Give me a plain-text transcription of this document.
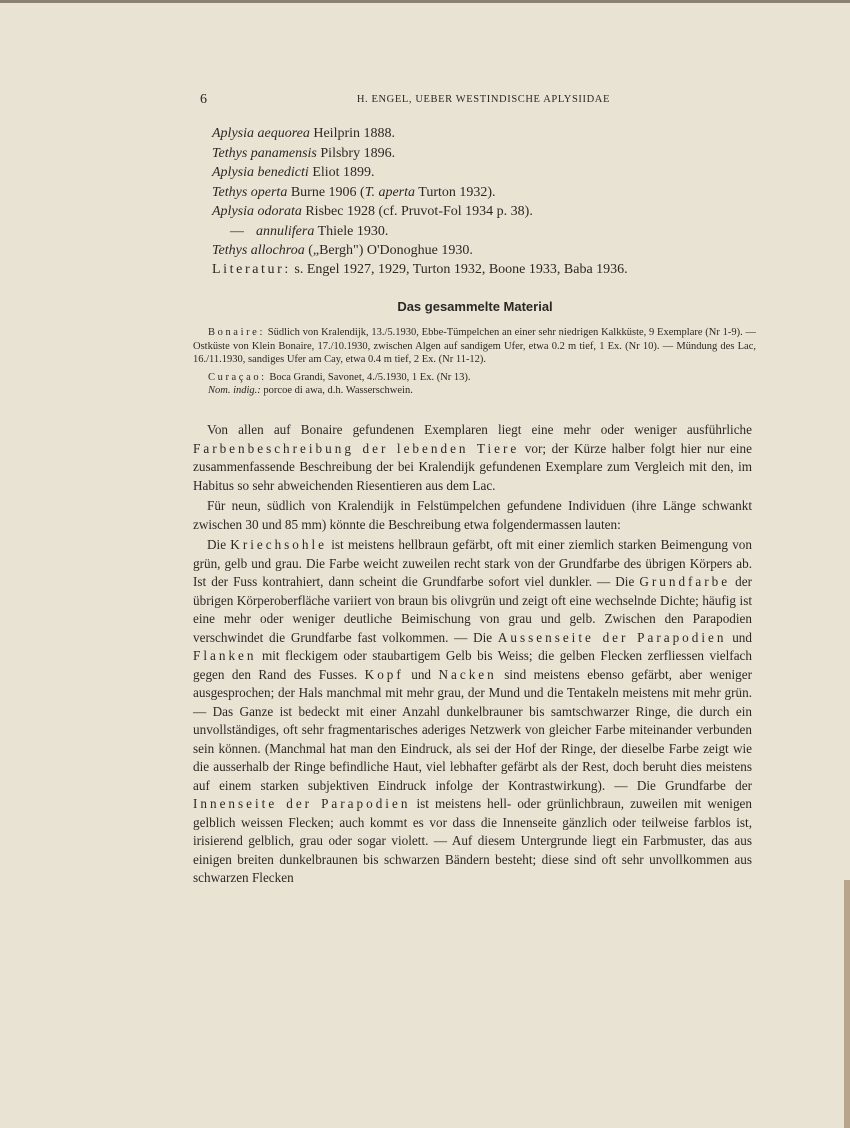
6	H. ENGEL, UEBER WESTINDISCHE APLYSIIDAE
Aplysia aequorea Heilprin 1888.
Tethys panamensis Pilsbry 1896.
Aplysia benedicti Eliot 1899.
Tethys operta Burne 1906 (T. aperta Turton 1932).
Aplysia odorata Risbec 1928 (cf. Pruvot-Fol 1934 p. 38).
— annulifera Thiele 1930.
Tethys allochroa („Bergh") O'Donoghue 1930.
Literatur: s. Engel 1927, 1929, Turton 1932, Boone 1933, Baba 1936.
Das gesammelte Material

Bonaire: Südlich von Kralendijk, 13./5.1930, Ebbe-Tümpelchen an einer sehr niedrigen Kalkküste, 9 Exemplare (Nr 1-9). — Ostküste von Klein Bonaire, 17./10.1930, zwischen Algen auf sandigem Ufer, etwa 0.2 m tief, 1 Ex. (Nr 10). — Mündung des Lac, 16./11.1930, sandiges Ufer am Cay, etwa 0.4 m tief, 2 Ex. (Nr 11-12).

Curaçao: Boca Grandi, Savonet, 4./5.1930, 1 Ex. (Nr 13).

Nom. indig.: porcoe di awa, d.h. Wasserschwein.

Von allen auf Bonaire gefundenen Exemplaren liegt eine mehr oder weniger ausführliche Farbenbeschreibung der lebenden Tiere vor; der Kürze halber folgt hier nur eine zusammenfassende Beschreibung der bei Kralendijk gefundenen Exemplare zum Vergleich mit den, im Habitus so sehr abweichenden Riesentieren aus dem Lac.

Für neun, südlich von Kralendijk in Felstümpelchen gefundene Individuen (ihre Länge schwankt zwischen 30 und 85 mm) könnte die Beschreibung etwa folgendermassen lauten:

Die Kriechsohle ist meistens hellbraun gefärbt, oft mit einer ziemlich starken Beimengung von grün, gelb und grau. Die Farbe weicht zuweilen recht stark von der Grundfarbe des übrigen Körpers ab. Ist der Fuss kontrahiert, dann scheint die Grundfarbe sofort viel dunkler. — Die Grundfarbe der übrigen Körperoberfläche variiert von braun bis olivgrün und zeigt oft eine wechselnde Dichte; häufig ist eine mehr oder weniger deutliche Beimischung von grau und gelb. Zwischen den Parapodien verschwindet die Grundfarbe fast volkommen. — Die Aussenseite der Parapodien und Flanken mit fleckigem oder staubartigem Gelb bis Weiss; die gelben Flecken zerfliessen vielfach gegen den Rand des Fusses. Kopf und Nacken sind meistens ebenso gefärbt, aber weniger ausgesprochen; der Hals manchmal mit mehr grau, der Mund und die Tentakeln meistens mit mehr grün. — Das Ganze ist bedeckt mit einer Anzahl dunkelbrauner bis samtschwarzer Ringe, die durch ein unvollständiges, oft sehr fragmentarisches aderiges Netzwerk von gleicher Farbe miteinander verbunden sein können. (Manchmal hat man den Eindruck, als sei der Hof der Ringe, der dieselbe Farbe zeigt wie die ausserhalb der Ringe befindliche Haut, viel lebhafter gefärbt als der Rest, doch beruht dies meistens auf einem starken subjektiven Eindruck infolge der Kontrastwirkung). — Die Grundfarbe der Innenseite der Parapodien ist meistens hell- oder grünlichbraun, zuweilen mit wenigen gelblich weissen Flecken; auch kommt es vor dass die Innenseite gänzlich oder teilweise farblos ist, irisierend gelblich, grau oder sogar violett. — Auf diesem Untergrunde liegt ein Farbmuster, das aus einigen breiten dunkelbraunen bis schwarzen Bändern besteht; diese sind oft sehr unvollkommen aus schwarzen Flecken
